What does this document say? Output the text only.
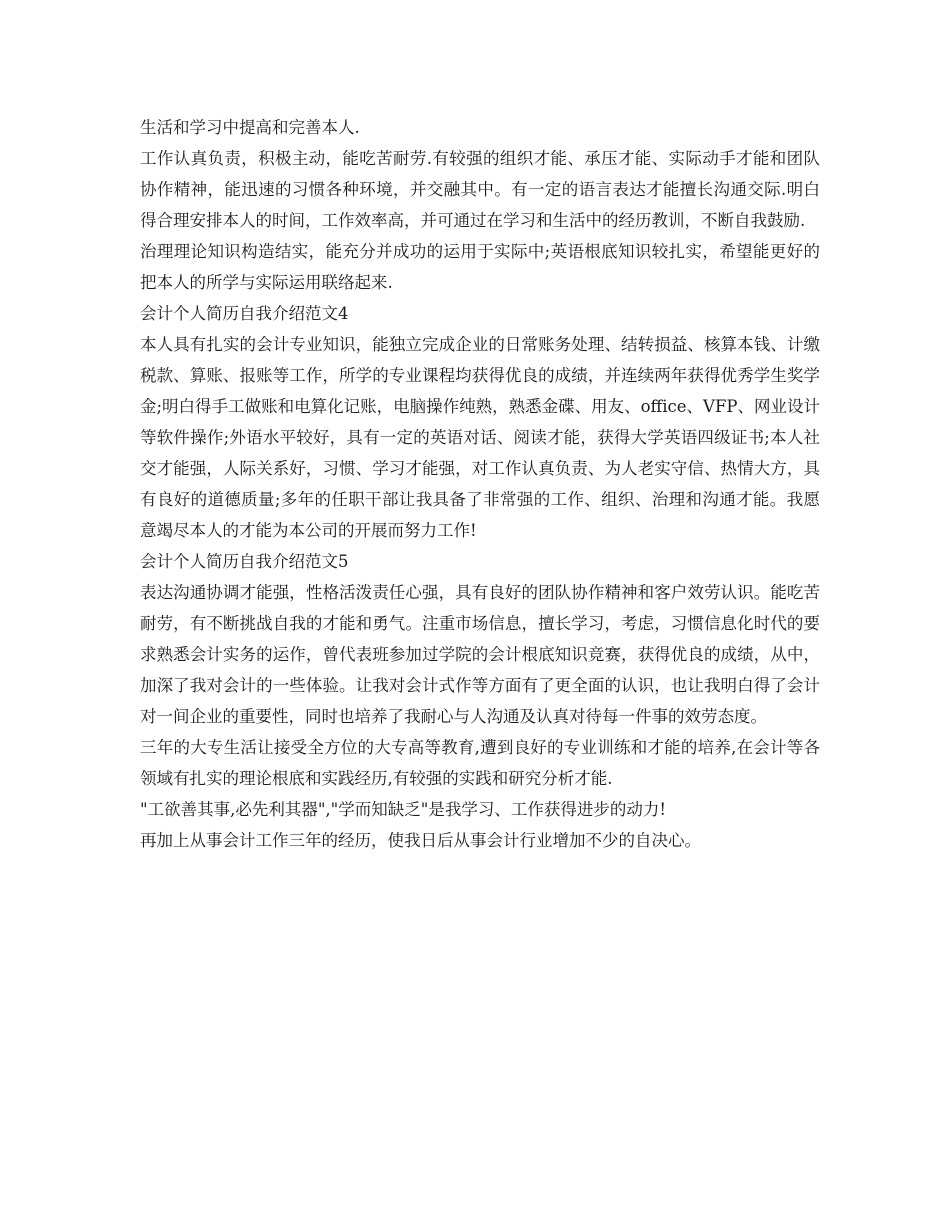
生活和学习中提高和完善本人.

工作认真负责，积极主动，能吃苦耐劳.有较强的组织才能、承压才能、实际动手才能和团队协作精神，能迅速的习惯各种环境，并交融其中。有一定的语言表达才能擅长沟通交际.明白得合理安排本人的时间，工作效率高，并可通过在学习和生活中的经历教训，不断自我鼓励.

治理理论知识构造结实，能充分并成功的运用于实际中;英语根底知识较扎实，希望能更好的把本人的所学与实际运用联络起来.

会计个人简历自我介绍范文4

本人具有扎实的会计专业知识，能独立完成企业的日常账务处理、结转损益、核算本钱、计缴税款、算账、报账等工作，所学的专业课程均获得优良的成绩，并连续两年获得优秀学生奖学金;明白得手工做账和电算化记账，电脑操作纯熟，熟悉金碟、用友、office、VFP、网业设计等软件操作;外语水平较好，具有一定的英语对话、阅读才能，获得大学英语四级证书;本人社交才能强，人际关系好，习惯、学习才能强，对工作认真负责、为人老实守信、热情大方，具有良好的道德质量;多年的任职干部让我具备了非常强的工作、组织、治理和沟通才能。我愿意竭尽本人的才能为本公司的开展而努力工作!

会计个人简历自我介绍范文5

表达沟通协调才能强，性格活泼责任心强，具有良好的团队协作精神和客户效劳认识。能吃苦耐劳，有不断挑战自我的才能和勇气。注重市场信息，擅长学习，考虑，习惯信息化时代的要求熟悉会计实务的运作，曾代表班参加过学院的会计根底知识竞赛，获得优良的成绩，从中，加深了我对会计的一些体验。让我对会计式作等方面有了更全面的认识，也让我明白得了会计对一间企业的重要性，同时也培养了我耐心与人沟通及认真对待每一件事的效劳态度。

三年的大专生活让接受全方位的大专高等教育,遭到良好的专业训练和才能的培养,在会计等各领域有扎实的理论根底和实践经历,有较强的实践和研究分析才能.

"工欲善其事,必先利其器","学而知缺乏"是我学习、工作获得进步的动力!

再加上从事会计工作三年的经历，使我日后从事会计行业增加不少的自决心。
